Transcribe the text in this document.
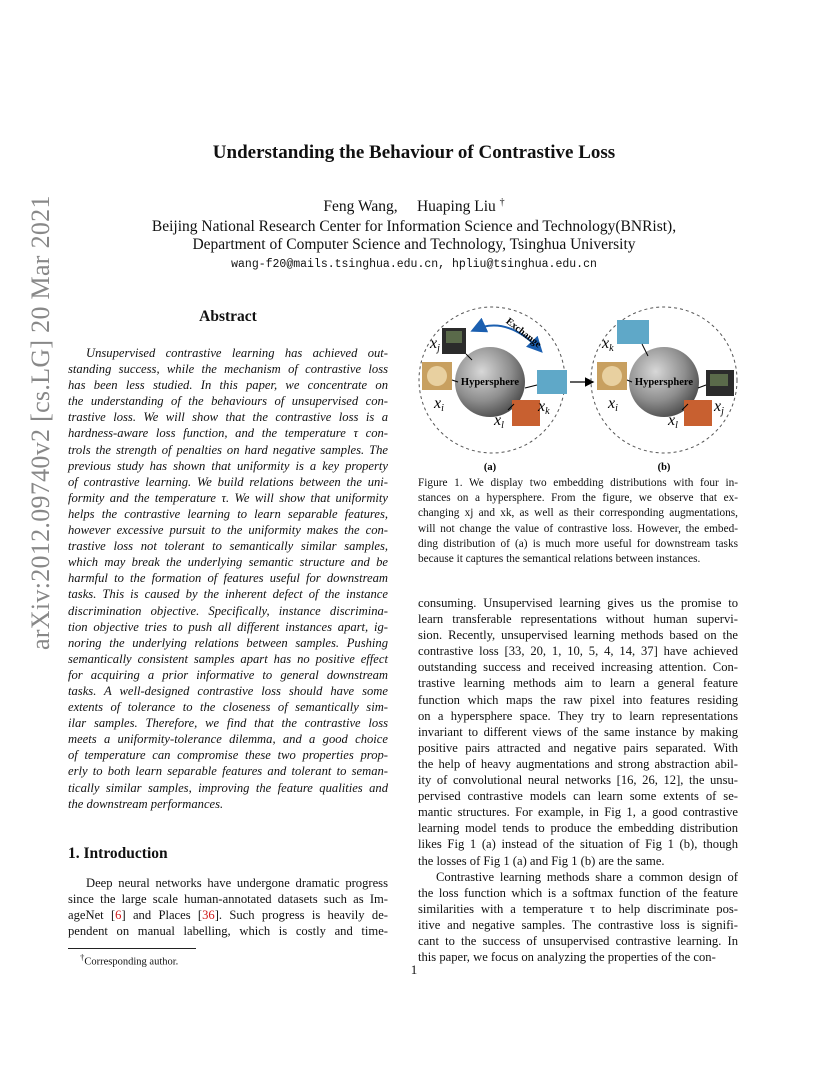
arXiv:2012.09740v2 [cs.LG] 20 Mar 2021
Understanding the Behaviour of Contrastive Loss
Feng Wang, Huaping Liu †
Beijing National Research Center for Information Science and Technology(BNRist),
Department of Computer Science and Technology, Tsinghua University
wang-f20@mails.tsinghua.edu.cn, hpliu@tsinghua.edu.cn
Abstract
Unsupervised contrastive learning has achieved out-
standing success, while the mechanism of contrastive loss
has been less studied. In this paper, we concentrate on
the understanding of the behaviours of unsupervised con-
trastive loss. We will show that the contrastive loss is a
hardness-aware loss function, and the temperature τ con-
trols the strength of penalties on hard negative samples. The
previous study has shown that uniformity is a key property
of contrastive learning. We build relations between the uni-
formity and the temperature τ. We will show that uniformity
helps the contrastive learning to learn separable features,
however excessive pursuit to the uniformity makes the con-
trastive loss not tolerant to semantically similar samples,
which may break the underlying semantic structure and be
harmful to the formation of features useful for downstream
tasks. This is caused by the inherent defect of the instance
discrimination objective. Specifically, instance discrimina-
tion objective tries to push all different instances apart, ig-
noring the underlying relations between samples. Pushing
semantically consistent samples apart has no positive effect
for acquiring a prior informative to general downstream
tasks. A well-designed contrastive loss should have some
extents of tolerance to the closeness of semantically sim-
ilar samples. Therefore, we find that the contrastive loss
meets a uniformity-tolerance dilemma, and a good choice
of temperature can compromise these two properties prop-
erly to both learn separable features and tolerant to seman-
tically similar samples, improving the feature qualities and
the downstream performances.
1. Introduction
Deep neural networks have undergone dramatic progress
since the large scale human-annotated datasets such as Im-
ageNet [6] and Places [36]. Such progress is heavily de-
pendent on manual labelling, which is costly and time-
†Corresponding author.
Hypersphere
Exchange
xj
xi	xk
xl
(a)
Hypersphere
xk
xi	xj
xl
(b)
Figure 1. We display two embedding distributions with four in-
stances on a hypersphere. From the figure, we observe that ex-
changing xj and xk, as well as their corresponding augmentations,
will not change the value of contrastive loss. However, the embed-
ding distribution of (a) is much more useful for downstream tasks
because it captures the semantical relations between instances.
consuming. Unsupervised learning gives us the promise to
learn transferable representations without human supervi-
sion. Recently, unsupervised learning methods based on the
contrastive loss [33, 20, 1, 10, 5, 4, 14, 37] have achieved
outstanding success and received increasing attention. Con-
trastive learning methods aim to learn a general feature
function which maps the raw pixel into features residing
on a hypersphere space. They try to learn representations
invariant to different views of the same instance by making
positive pairs attracted and negative pairs separated. With
the help of heavy augmentations and strong abstraction abil-
ity of convolutional neural networks [16, 26, 12], the unsu-
pervised contrastive models can learn some extents of se-
mantic structures. For example, in Fig 1, a good contrastive
learning model tends to produce the embedding distribution
likes Fig 1 (a) instead of the situation of Fig 1 (b), though
the losses of Fig 1 (a) and Fig 1 (b) are the same.
Contrastive learning methods share a common design of
the loss function which is a softmax function of the feature
similarities with a temperature τ to help discriminate pos-
itive and negative samples. The contrastive loss is signifi-
cant to the success of unsupervised contrastive learning. In
this paper, we focus on analyzing the properties of the con-
1
